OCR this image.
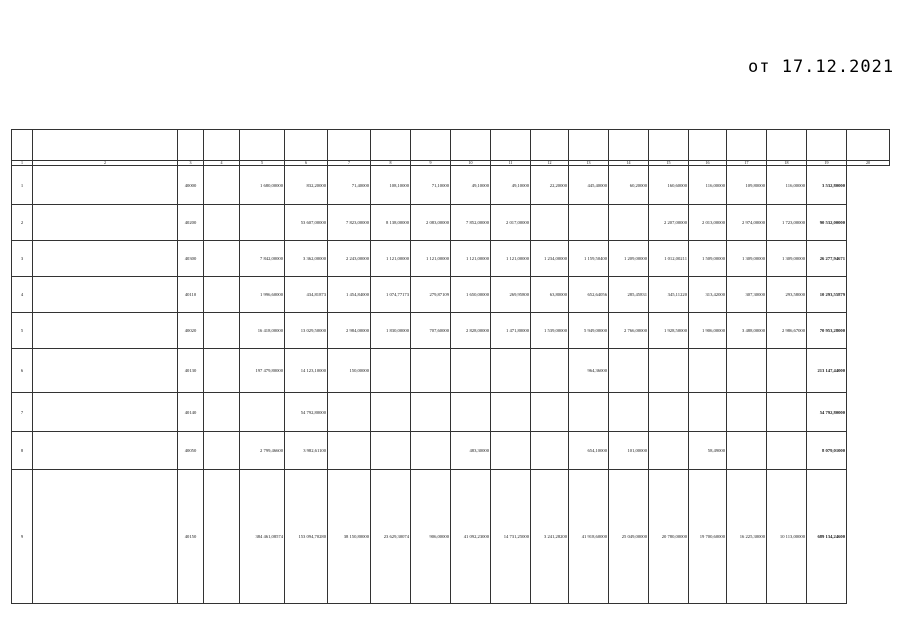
от 17.12.2021

1	2	3	4	5	6	7	8	9	10	11	12	13	14	15	16	17	18	19	20
1		40000		1 680,00000	832,20000	71,40000	108,10000	71,10000	49,10000	49,10000	22,20000	445,40000	60,20000	160,60000	116,00000	109,80000	116,00000	3 532,80000	
2		40200			53 607,00000	7 823,00000	8 138,00000	2 083,00000	7 852,00000	2 017,00000				2 207,00000	2 013,00000	2 974,00000	1 723,00000	90 532,00000	
3		40300		7 842,00000	3 362,00000	2 243,00000	1 121,00000	1 121,00000	1 121,00000	1 121,00000	1 234,00000	1 159,50400	1 209,00000	1 012,00211	1 509,00000	1 309,00000	1 309,00000	26 277,94671	
4		40110		1 996,60000	434,81873	1 454,84000	1 074,77173	279,87109	1 650,00000	269,95800	63,80000	652,64056	285,45831	345,11220	313,42000	307,30000	293,58000	10 293,55879	
5		40020		16 418,00000	13 029,50000	2 984,00000	1 830,00000	707,60000	2 828,00000	1 471,80000	1 539,00000	5 949,00000	2 766,00000	1 928,50000	1 906,00000	3 488,00000	2 986,67000	70 953,28000	
6		40130		197 479,80000	14 123,10000	150,00000						964,36000						213 147,44000	
7		40140			54 792,80000													54 792,80000	
8		40050		2 799,46600	3 982,61100				483,30000			654,10000	101,00000		58,49000			8 079,01000	
9		40150		384 461,08574	153 094,70280	38 150,80000	23 629,30074	906,00000	41 092,23000	14 731,25000	3 241,28200	41 918,60000	25 049,00000	20 780,00000	19 700,60000	16 225,30000	10 113,00000	689 134,24600	
